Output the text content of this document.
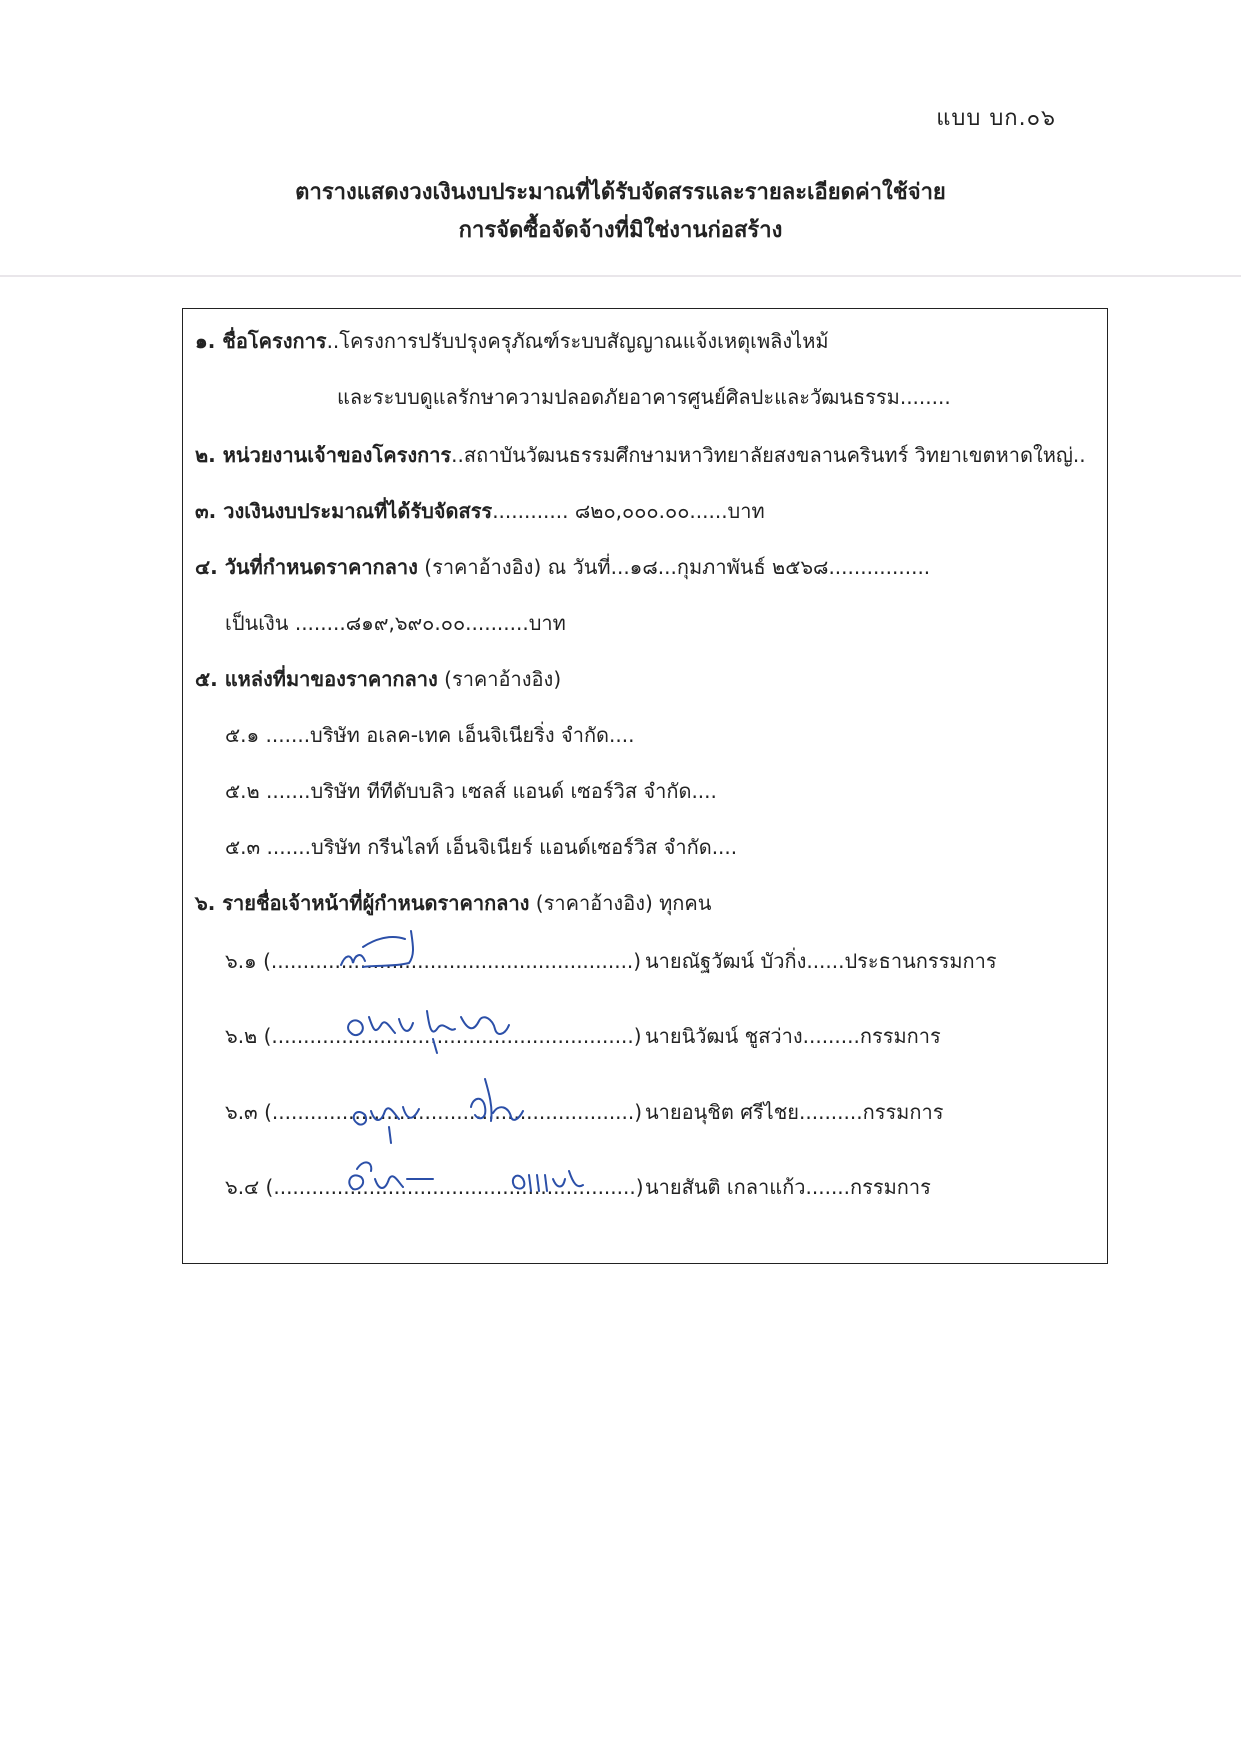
แบบ บก.๐๖
ตารางแสดงวงเงินงบประมาณที่ได้รับจัดสรรและรายละเอียดค่าใช้จ่าย
การจัดซื้อจัดจ้างที่มิใช่งานก่อสร้าง
๑. ชื่อโครงการ..โครงการปรับปรุงครุภัณฑ์ระบบสัญญาณแจ้งเหตุเพลิงไหม้
และระบบดูแลรักษาความปลอดภัยอาคารศูนย์ศิลปะและวัฒนธรรม........
๒. หน่วยงานเจ้าของโครงการ..สถาบันวัฒนธรรมศึกษามหาวิทยาลัยสงขลานครินทร์ วิทยาเขตหาดใหญ่..
๓. วงเงินงบประมาณที่ได้รับจัดสรร............ ๘๒๐,๐๐๐.๐๐......บาท
๔. วันที่กำหนดราคากลาง (ราคาอ้างอิง) ณ วันที่...๑๘...กุมภาพันธ์ ๒๕๖๘................
เป็นเงิน ........๘๑๙,๖๙๐.๐๐..........บาท
๕. แหล่งที่มาของราคากลาง (ราคาอ้างอิง)
๕.๑ .......บริษัท อเลค-เทค เอ็นจิเนียริ่ง จำกัด....
๕.๒ .......บริษัท ทีทีดับบลิว เซลส์ แอนด์ เซอร์วิส จำกัด....
๕.๓ .......บริษัท กรีนไลท์ เอ็นจิเนียร์ แอนด์เซอร์วิส จำกัด....
๖. รายชื่อเจ้าหน้าที่ผู้กำหนดราคากลาง (ราคาอ้างอิง) ทุกคน
๖.๑ (.........................................................) นายณัฐวัฒน์ บัวกิ่ง......ประธานกรรมการ
๖.๒ (.........................................................) นายนิวัฒน์ ชูสว่าง.........กรรมการ
๖.๓ (.........................................................) นายอนุชิต ศรีไชย..........กรรมการ
๖.๔ (.........................................................) นายสันติ เกลาแก้ว.......กรรมการ
